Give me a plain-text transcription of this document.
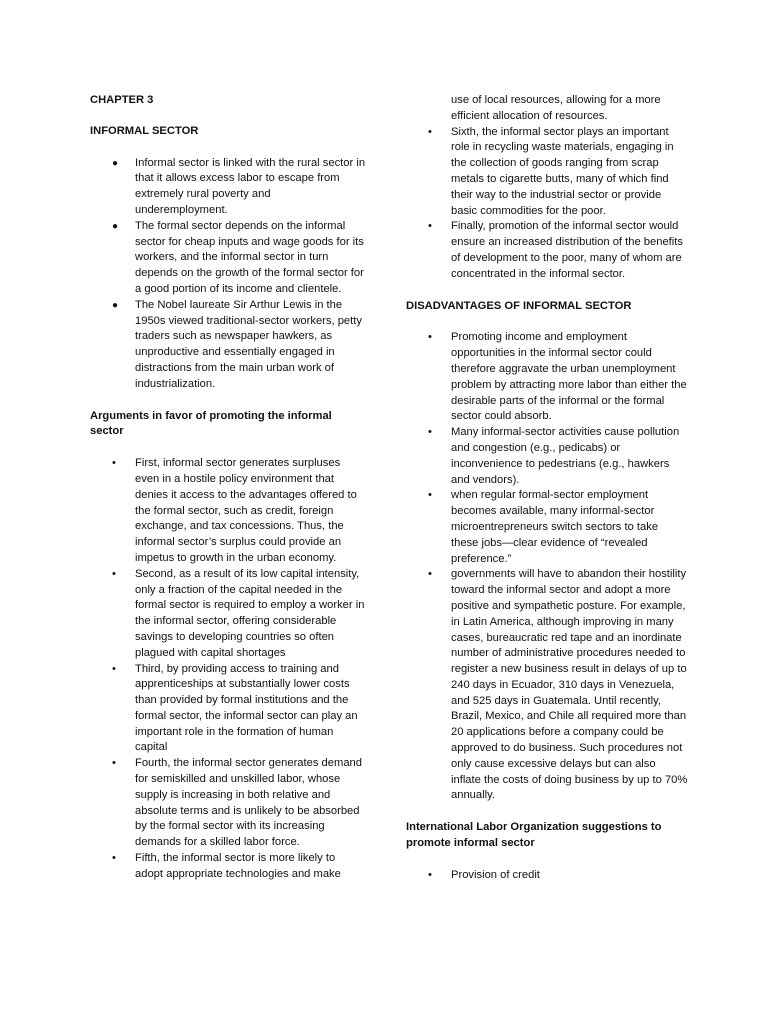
CHAPTER 3

INFORMAL SECTOR

● Informal sector is linked with the rural sector in that it allows excess labor to escape from extremely rural poverty and underemployment.
● The formal sector depends on the informal sector for cheap inputs and wage goods for its workers, and the informal sector in turn depends on the growth of the formal sector for a good portion of its income and clientele.
● The Nobel laureate Sir Arthur Lewis in the 1950s viewed traditional-sector workers, petty traders such as newspaper hawkers, as unproductive and essentially engaged in distractions from the main urban work of industrialization.

Arguments in favor of promoting the informal sector

• First, informal sector generates surpluses even in a hostile policy environment that denies it access to the advantages offered to the formal sector, such as credit, foreign exchange, and tax concessions. Thus, the informal sector’s surplus could provide an impetus to growth in the urban economy.
• Second, as a result of its low capital intensity, only a fraction of the capital needed in the formal sector is required to employ a worker in the informal sector, offering considerable savings to developing countries so often plagued with capital shortages
• Third, by providing access to training and apprenticeships at substantially lower costs than provided by formal institutions and the formal sector, the informal sector can play an important role in the formation of human capital
• Fourth, the informal sector generates demand for semiskilled and unskilled labor, whose supply is increasing in both relative and absolute terms and is unlikely to be absorbed by the formal sector with its increasing demands for a skilled labor force.
• Fifth, the informal sector is more likely to adopt appropriate technologies and make
use of local resources, allowing for a more efficient allocation of resources.
• Sixth, the informal sector plays an important role in recycling waste materials, engaging in the collection of goods ranging from scrap metals to cigarette butts, many of which find their way to the industrial sector or provide basic commodities for the poor.
• Finally, promotion of the informal sector would ensure an increased distribution of the benefits of development to the poor, many of whom are concentrated in the informal sector.

DISADVANTAGES OF INFORMAL SECTOR

• Promoting income and employment opportunities in the informal sector could therefore aggravate the urban unemployment problem by attracting more labor than either the desirable parts of the informal or the formal sector could absorb.
• Many informal-sector activities cause pollution and congestion (e.g., pedicabs) or inconvenience to pedestrians (e.g., hawkers and vendors).
• when regular formal-sector employment becomes available, many informal-sector microentrepreneurs switch sectors to take these jobs—clear evidence of “revealed preference.”
• governments will have to abandon their hostility toward the informal sector and adopt a more positive and sympathetic posture. For example, in Latin America, although improving in many cases, bureaucratic red tape and an inordinate number of administrative procedures needed to register a new business result in delays of up to 240 days in Ecuador, 310 days in Venezuela, and 525 days in Guatemala. Until recently, Brazil, Mexico, and Chile all required more than 20 applications before a company could be approved to do business. Such procedures not only cause excessive delays but can also inflate the costs of doing business by up to 70% annually.

International Labor Organization suggestions to promote informal sector

• Provision of credit
